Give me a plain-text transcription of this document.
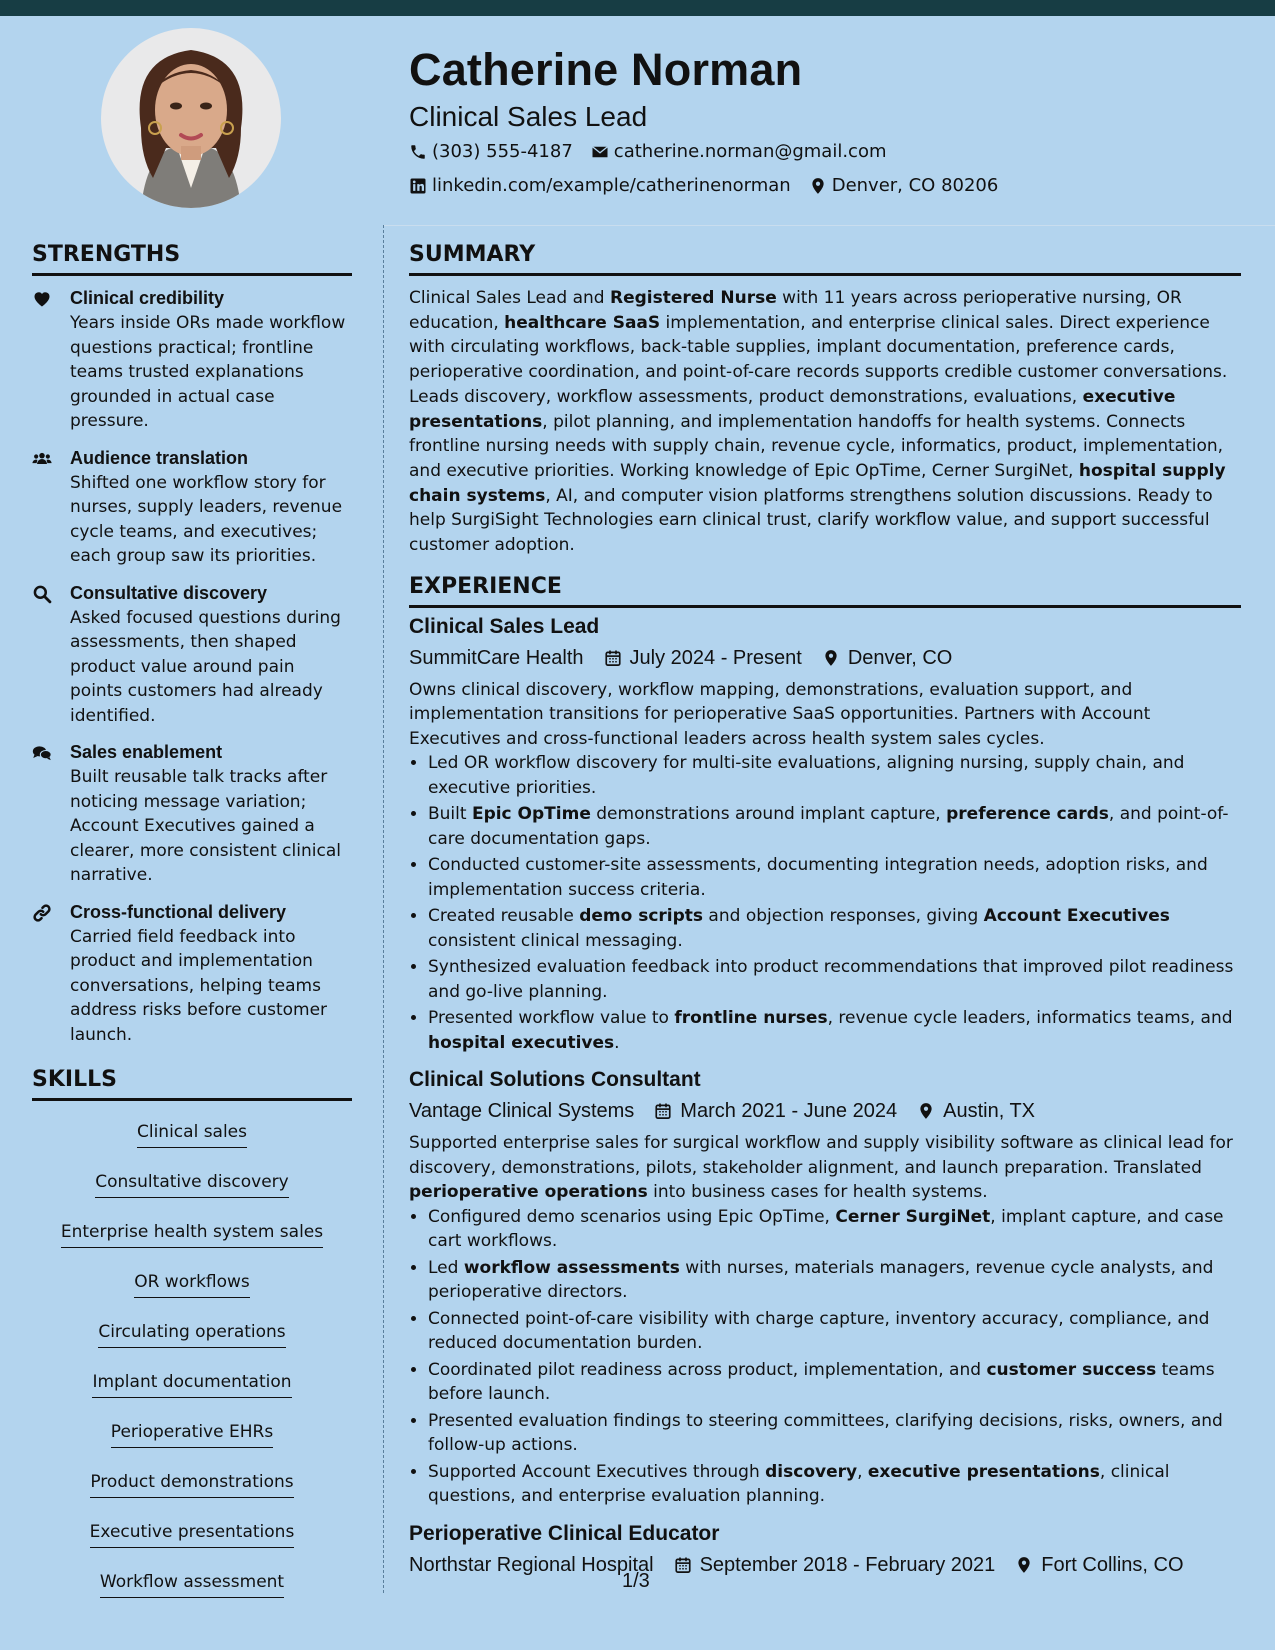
Catherine Norman
Clinical Sales Lead
(303) 555-4187 catherine.norman@gmail.com
linkedin.com/example/catherinenorman Denver, CO 80206
STRENGTHS
Clinical credibility
Years inside ORs made workflow questions practical; frontline teams trusted explanations grounded in actual case pressure.
Audience translation
Shifted one workflow story for nurses, supply leaders, revenue cycle teams, and executives; each group saw its priorities.
Consultative discovery
Asked focused questions during assessments, then shaped product value around pain points customers had already identified.
Sales enablement
Built reusable talk tracks after noticing message variation; Account Executives gained a clearer, more consistent clinical narrative.
Cross-functional delivery
Carried field feedback into product and implementation conversations, helping teams address risks before customer launch.
SKILLS
Clinical sales
Consultative discovery
Enterprise health system sales
OR workflows
Circulating operations
Implant documentation
Perioperative EHRs
Product demonstrations
Executive presentations
Workflow assessment
SUMMARY

Clinical Sales Lead and Registered Nurse with 11 years across perioperative nursing, OR education, healthcare SaaS implementation, and enterprise clinical sales. Direct experience with circulating workflows, back-table supplies, implant documentation, preference cards, perioperative coordination, and point-of-care records supports credible customer conversations. Leads discovery, workflow assessments, product demonstrations, evaluations, executive presentations, pilot planning, and implementation handoffs for health systems. Connects frontline nursing needs with supply chain, revenue cycle, informatics, product, implementation, and executive priorities. Working knowledge of Epic OpTime, Cerner SurgiNet, hospital supply chain systems, AI, and computer vision platforms strengthens solution discussions. Ready to help SurgiSight Technologies earn clinical trust, clarify workflow value, and support successful customer adoption.

EXPERIENCE
Clinical Sales Lead
SummitCare Health July 2024 - Present Denver, CO

Owns clinical discovery, workflow mapping, demonstrations, evaluation support, and implementation transitions for perioperative SaaS opportunities. Partners with Account Executives and cross-functional leaders across health system sales cycles.

• Led OR workflow discovery for multi-site evaluations, aligning nursing, supply chain, and executive priorities.
• Built Epic OpTime demonstrations around implant capture, preference cards, and point-of-care documentation gaps.
• Conducted customer-site assessments, documenting integration needs, adoption risks, and implementation success criteria.
• Created reusable demo scripts and objection responses, giving Account Executives consistent clinical messaging.
• Synthesized evaluation feedback into product recommendations that improved pilot readiness and go-live planning.
• Presented workflow value to frontline nurses, revenue cycle leaders, informatics teams, and hospital executives.
Clinical Solutions Consultant
Vantage Clinical Systems March 2021 - June 2024 Austin, TX

Supported enterprise sales for surgical workflow and supply visibility software as clinical lead for discovery, demonstrations, pilots, stakeholder alignment, and launch preparation. Translated perioperative operations into business cases for health systems.

• Configured demo scenarios using Epic OpTime, Cerner SurgiNet, implant capture, and case cart workflows.
• Led workflow assessments with nurses, materials managers, revenue cycle analysts, and perioperative directors.
• Connected point-of-care visibility with charge capture, inventory accuracy, compliance, and reduced documentation burden.
• Coordinated pilot readiness across product, implementation, and customer success teams before launch.
• Presented evaluation findings to steering committees, clarifying decisions, risks, owners, and follow-up actions.
• Supported Account Executives through discovery, executive presentations, clinical questions, and enterprise evaluation planning.
Perioperative Clinical Educator
Northstar Regional Hospital September 2018 - February 2021 Fort Collins, CO
1/3
